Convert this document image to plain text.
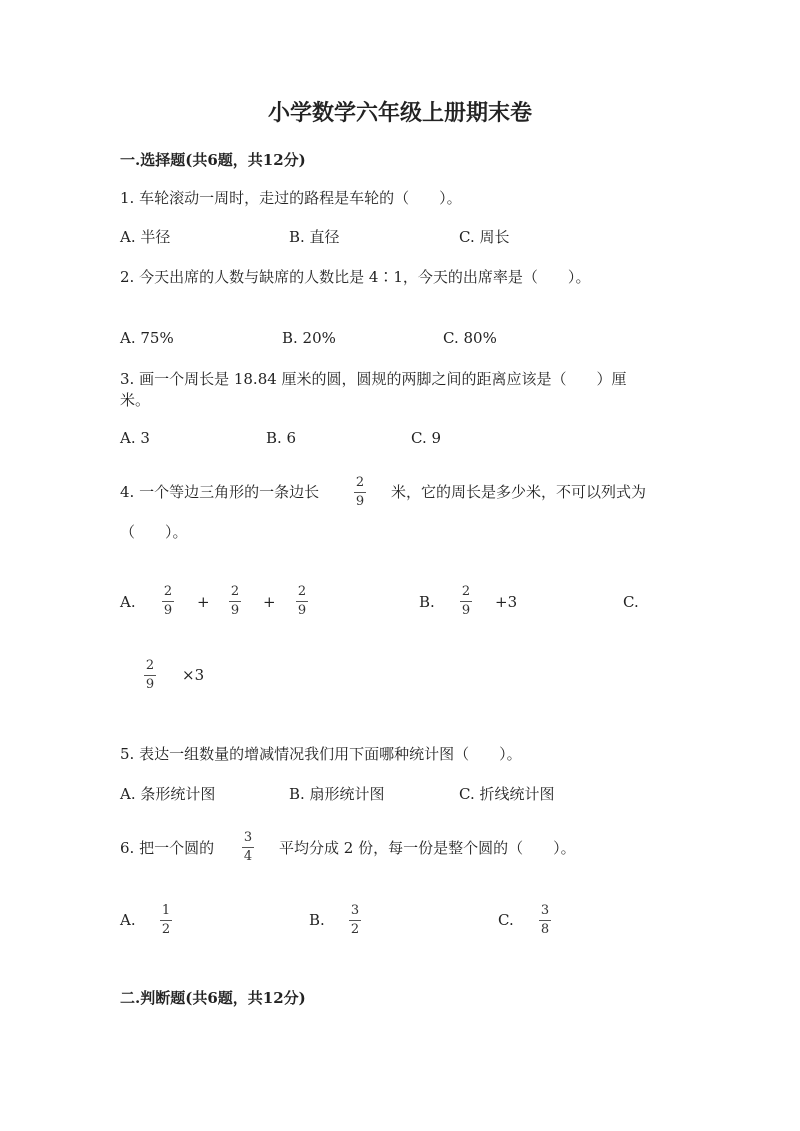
小学数学六年级上册期末卷
一.选择题(共6题，共12分)
1. 车轮滚动一周时，走过的路程是车轮的（　　）。
A. 半径	B. 直径	C. 周长
2. 今天出席的人数与缺席的人数比是 4∶1，今天的出席率是（　　）。
A. 75%	B. 20%	C. 80%
3. 画一个周长是 18.84 厘米的圆，圆规的两脚之间的距离应该是（　　）厘
米。
A. 3	B. 6	C. 9
4. 一个等边三角形的一条边长
2
9
米，它的周长是多少米，不可以列式为
（　　）。
A.
2
9 +
2
9 +
2
9	B.
2
9 +3	C.
2
9
×3
5. 表达一组数量的增减情况我们用下面哪种统计图（　　）。
A. 条形统计图	B. 扇形统计图	C. 折线统计图
6. 把一个圆的
3
4 平均分成 2 份，每一份是整个圆的（　　）。
A.
1
2
B.
3
2
C.
3
8
二.判断题(共6题，共12分)
